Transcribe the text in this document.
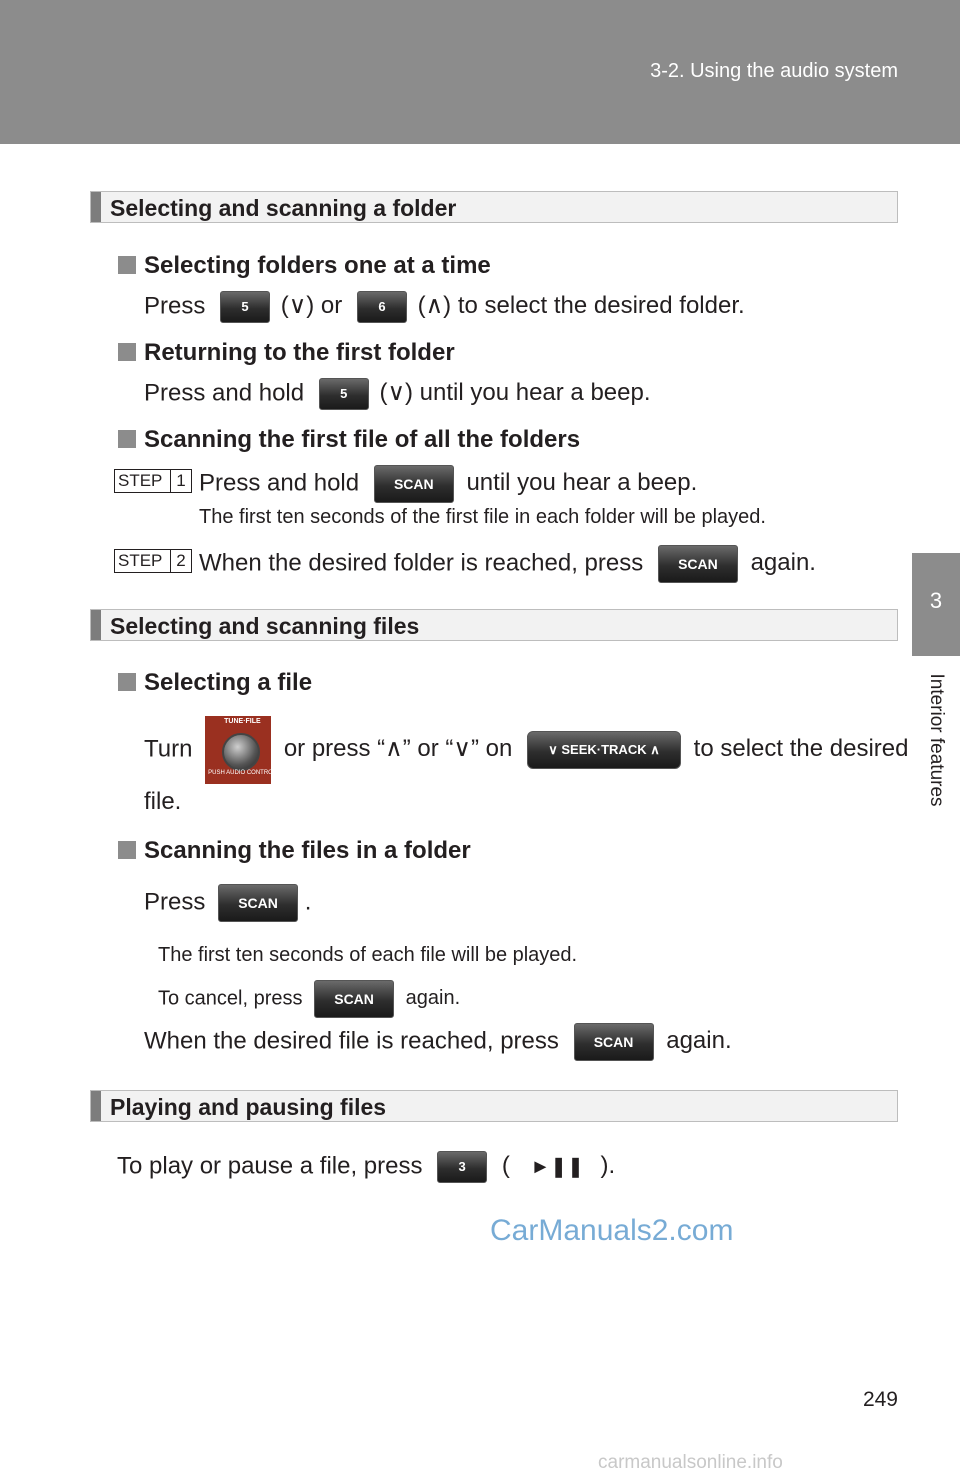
3-2. Using the audio system
3
Interior features
Selecting and scanning a folder
Selecting folders one at a time
Press	5 (∨) or	6 (∧) to select the desired folder.
Returning to the first folder
Press and hold	5 (∨) until you hear a beep.
Scanning the first file of all the folders
STEP 1 Press and hold SCAN until you hear a beep.
The first ten seconds of the first file in each folder will be played.
STEP 2 When the desired folder is reached, press SCAN again.
Selecting and scanning files
Selecting a file
Turn
TUNE·FILE
PUSH AUDIO CONTROL
or press “∧” or “∨” on	∨ SEEK·TRACK ∧ to select the desired
file.
Scanning the files in a folder
Press SCAN .
The first ten seconds of each file will be played.
To cancel, press SCAN again.
When the desired file is reached, press SCAN again.
Playing and pausing files
To play or pause a file, press	3 ( ►❚❚ ).
249
CarManuals2.com
carmanualsonline.info
